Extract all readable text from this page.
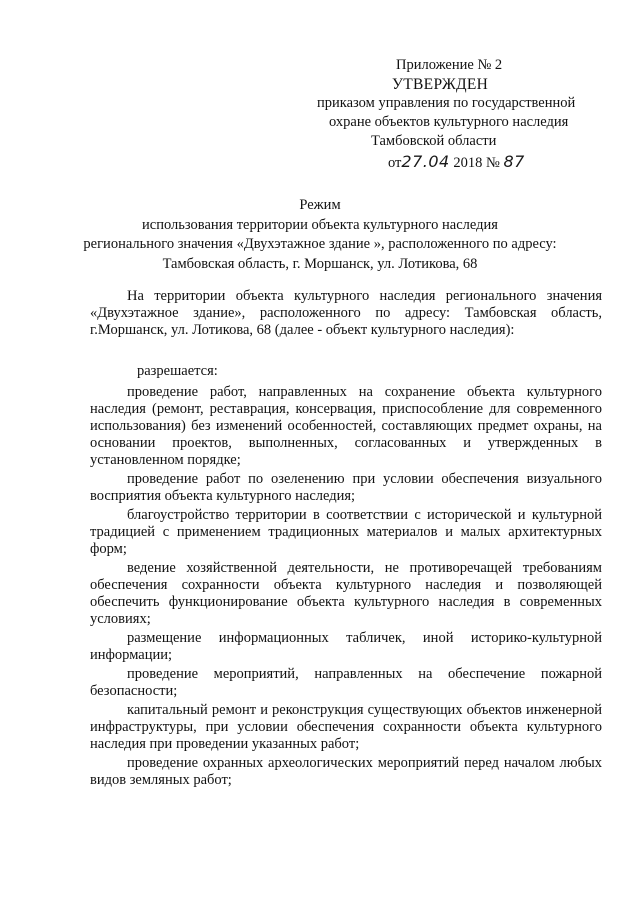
Приложение № 2
УТВЕРЖДЕН
приказом управления по государственной
охране объектов культурного наследия
Тамбовской области
от27.04 2018 № 87
Режим
использования территории объекта культурного наследия
регионального значения «Двухэтажное здание », расположенного по адресу:
Тамбовская область, г. Моршанск, ул. Лотикова, 68

На территории объекта культурного наследия регионального значения «Двухэтажное здание», расположенного по адресу: Тамбовская область, г.Моршанск, ул. Лотикова, 68 (далее - объект культурного наследия):

разрешается:

проведение работ, направленных на сохранение объекта культурного наследия (ремонт, реставрация, консервация, приспособление для современного использования) без изменений особенностей, составляющих предмет охраны, на основании проектов, выполненных, согласованных и утвержденных в установленном порядке;

проведение работ по озеленению при условии обеспечения визуального восприятия объекта культурного наследия;

благоустройство территории в соответствии с исторической и культурной традицией с применением традиционных материалов и малых архитектурных форм;

ведение хозяйственной деятельности, не противоречащей требованиям обеспечения сохранности объекта культурного наследия и позволяющей обеспечить функционирование объекта культурного наследия в современных условиях;

размещение информационных табличек, иной историко-культурной информации;

проведение мероприятий, направленных на обеспечение пожарной безопасности;

капитальный ремонт и реконструкция существующих объектов инженерной инфраструктуры, при условии обеспечения сохранности объекта культурного наследия при проведении указанных работ;

проведение охранных археологических мероприятий перед началом любых видов земляных работ;
